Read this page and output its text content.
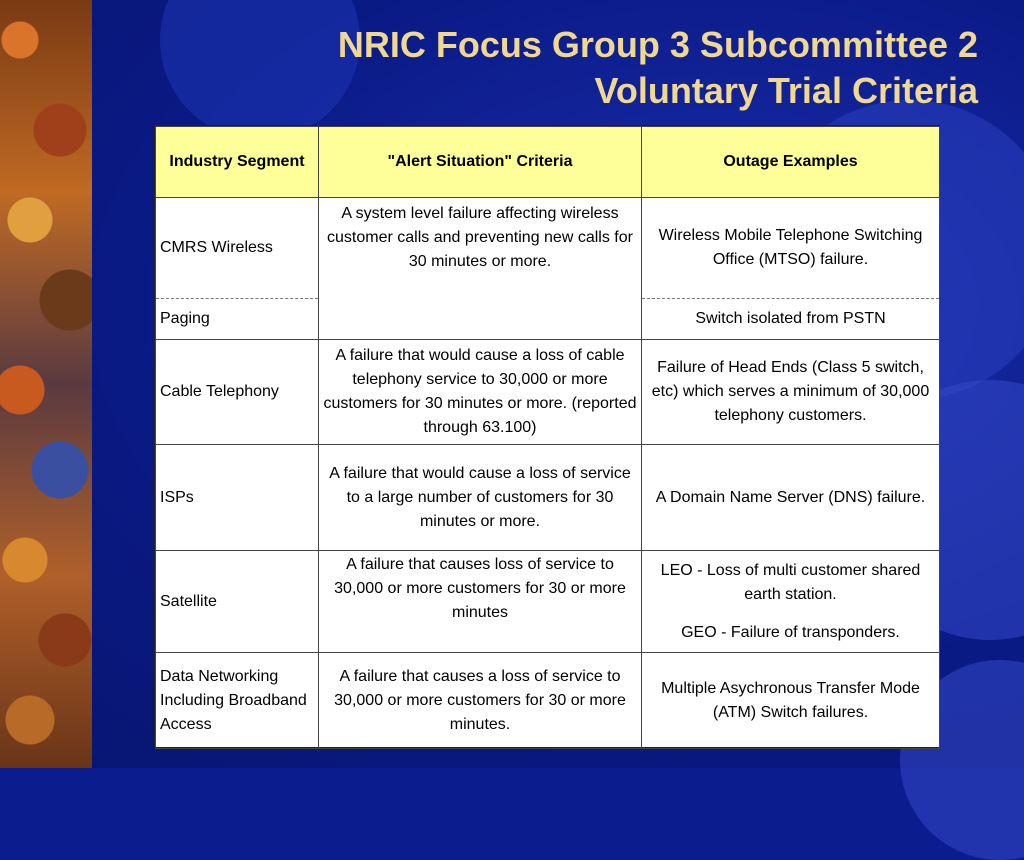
NRIC Focus Group 3 Subcommittee 2
Voluntary Trial Criteria
Industry Segment	"Alert Situation" Criteria	Outage Examples
CMRS Wireless	A system level failure affecting wireless customer calls and preventing new calls for 30 minutes or more.	Wireless Mobile Telephone Switching Office (MTSO) failure.
Paging		Switch isolated from PSTN
Cable Telephony	A failure that would cause a loss of cable telephony service to 30,000 or more customers for 30 minutes or more. (reported through 63.100)	Failure of Head Ends (Class 5 switch, etc) which serves a minimum of 30,000 telephony customers.
ISPs	A failure that would cause a loss of service to a large number of customers for 30 minutes or more.	A Domain Name Server (DNS) failure.
Satellite	A failure that causes loss of service to 30,000 or more customers for 30 or more minutes	LEO - Loss of multi customer shared earth station.
GEO - Failure of transponders.

Data Networking Including Broadband Access	A failure that causes a loss of service to 30,000 or more customers for 30 or more minutes.	Multiple Asychronous Transfer Mode (ATM) Switch failures.
